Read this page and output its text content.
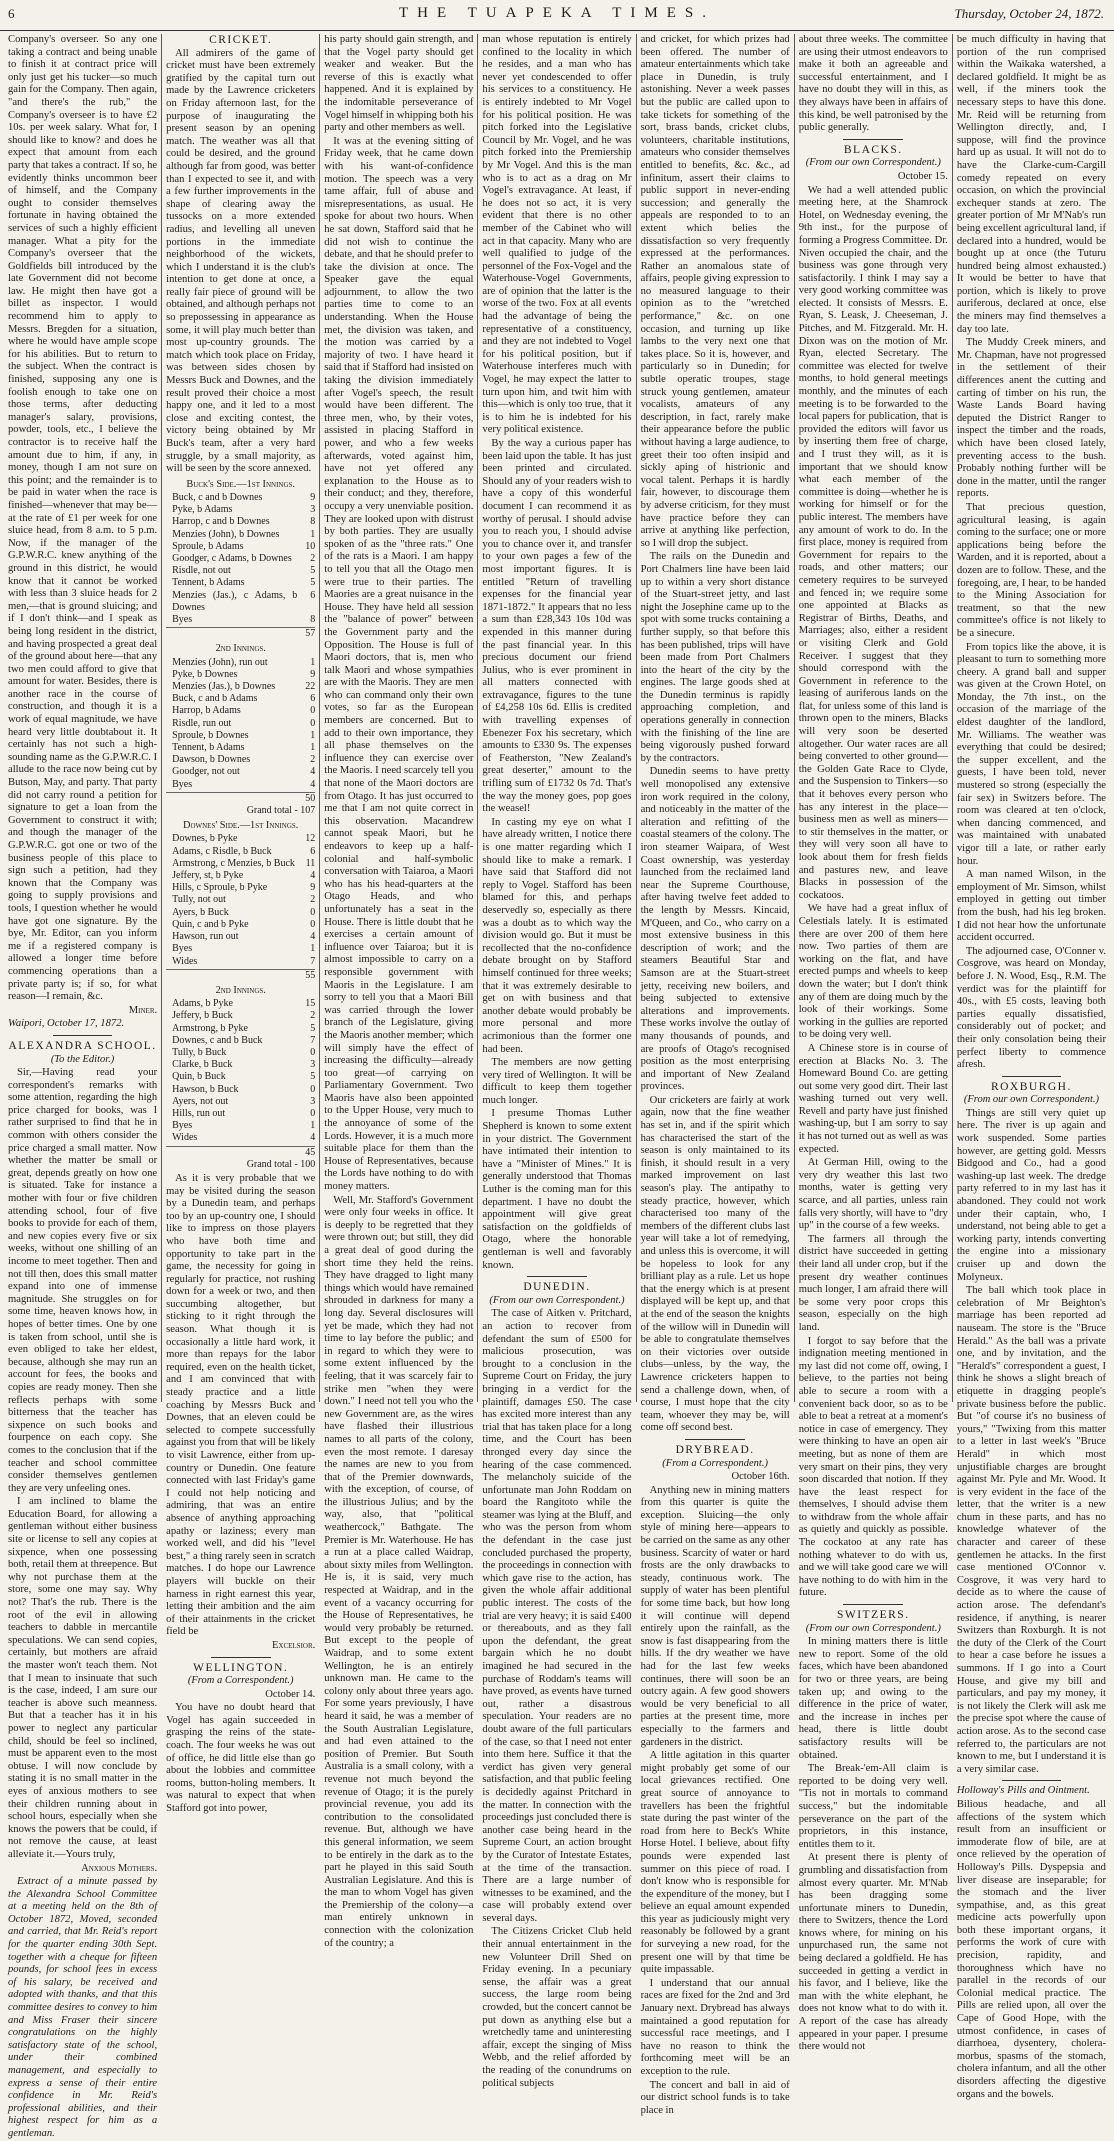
6	THE TUAPEKA TIMES.	Thursday, October 24, 1872.

Company's overseer. So any one taking a contract and being unable to finish it at contract price will only just get his tucker—so much gain for the Company. Then again, "and there's the rub," the Company's overseer is to have £2 10s. per week salary. What for, I should like to know? and does he expect that amount from each party that takes a contract. If so, he evidently thinks uncommon beer of himself, and the Company ought to consider themselves fortunate in having obtained the services of such a highly efficient manager. What a pity for the Company's overseer that the Goldfields bill introduced by the late Government did not become law. He might then have got a billet as inspector. I would recommend him to apply to Messrs. Bregden for a situation, where he would have ample scope for his abilities. But to return to the subject. When the contract is finished, supposing any one is foolish enough to take one on those terms, after deducting manager's salary, provisions, powder, tools, etc., I believe the contractor is to receive half the amount due to him, if any, in money, though I am not sure on this point; and the remainder is to be paid in water when the race is finished—whenever that may be—at the rate of £1 per week for one sluice head, from 8 a.m. to 5 p.m. Now, if the manager of the G.P.W.R.C. knew anything of the ground in this district, he would know that it cannot be worked with less than 3 sluice heads for 2 men,—that is ground sluicing; and if I don't think—and I speak as being long resident in the district, and having prospected a great deal of the ground about here—that any two men could afford to give that amount for water. Besides, there is another race in the course of construction, and though it is a work of equal magnitude, we have heard very little doubtabout it. It certainly has not such a high-sounding name as the G.P.W.R.C. I allude to the race now being cut by Butson, May, and party. That party did not carry round a petition for signature to get a loan from the Government to construct it with; and though the manager of the G.P.W.R.C. got one or two of the business people of this place to sign such a petition, had they known that the Company was going to supply provisions and tools, I question whether he would have got one signature. By the bye, Mr. Editor, can you inform me if a registered company is allowed a longer time before commencing operations than a private party is; if so, for what reason—I remain, &c.

Miner.

Waipori, October 17, 1872.

ALEXANDRA SCHOOL.

(To the Editor.)

Sir,—Having read your correspondent's remarks with some attention, regarding the high price charged for books, was I rather surprised to find that he in common with others consider the price charged a small matter. Now whether the matter be small or great, depends greatly on how one is situated. Take for instance a mother with four or five children attending school, four of five books to provide for each of them, and new copies every five or six weeks, without one shilling of an income to meet together. Then and not till then, does this small matter expand into one of immense magnitude. She struggles on for some time, heaven knows how, in hopes of better times. One by one is taken from school, until she is even obliged to take her eldest, because, although she may run an account for fees, the books and copies are ready money. Then she reflects perhaps with some bitterness that the teacher has sixpence on such books and fourpence on each copy. She comes to the conclusion that if the teacher and school committee consider themselves gentlemen they are very unfeeling ones.

I am inclined to blame the Education Board, for allowing a gentleman without either business site or license to sell any copies at sixpence, when one possessing both, retail them at threepence. But why not purchase them at the store, some one may say. Why not? That's the rub. There is the root of the evil in allowing teachers to dabble in mercantile speculations. We can send copies, certainly, but mothers are afraid the master won't teach them. Not that I mean to insinuate that such is the case, indeed, I am sure our teacher is above such meanness. But that a teacher has it in his power to neglect any particular child, should be feel so inclined, must be apparent even to the most obtuse. I will now conclude by stating it is no small matter in the eyes of anxious mothers to see their children running about in school hours, especially when she knows the powers that be could, if not remove the cause, at least alleviate it.—Yours truly,

Anxious Mothers.

Extract of a minute passed by the Alexandra School Committee at a meeting held on the 8th of October 1872, Moved, seconded and carried, that Mr. Reid's report for the quarter ending 30th Sept. together with a cheque for fifteen pounds, for school fees in excess of his salary, be received and adopted with thanks, and that this committee desires to convey to him and Miss Fraser their sincere congratulations on the highly satisfactory state of the school, under their combined management, and especially to express a sense of their entire confidence in Mr. Reid's professional abilities, and their highest respect for him as a gentleman.

CRICKET.

All admirers of the game of cricket must have been extremely gratified by the capital turn out made by the Lawrence cricketers on Friday afternoon last, for the purpose of inaugurating the present season by an opening match. The weather was all that could be desired, and the ground although far from good, was better than I expected to see it, and with a few further improvements in the shape of clearing away the tussocks on a more extended radius, and levelling all uneven portions in the immediate neighborhood of the wickets, which I understand it is the club's intention to get done at once, a really fair piece of ground will be obtained, and although perhaps not so prepossessing in appearance as some, it will play much better than most up-country grounds. The match which took place on Friday, was between sides chosen by Messrs Buck and Downes, and the result proved their choice a most happy one, and it led to a most close and exciting contest, the victory being obtained by Mr Buck's team, after a very hard struggle, by a small majority, as will be seen by the score annexed.

Buck's Side.—1st Innings.
Buck, c and b Downes	9
Pyke, b Adams	3
Harrop, c and b Downes	8
Menzies (John), b Downes	1
Sproule, b Adams	10
Goodger, c Adams, b Downes	2
Risdle, not out	5
Tennent, b Adams	5
Menzies (Jas.), c Adams, b Downes
6
Byes	8
57
2nd Innings.
Menzies (John), run out	1
Pyke, b Downes	9
Menzies (Jas.), b Downes	22
Buck, c and b Adams	6
Harrop, b Adams	0
Risdle, run out	0
Sproule, b Downes	1
Tennent, b Adams	1
Dawson, b Downes	2
Goodger, not out	4
Byes	4
50
Grand total - 107
Downes' Side.—1st Innings.
Downes, b Pyke	12
Adams, c Risdle, b Buck	6
Armstrong, c Menzies, b Buck	11
Jeffery, st, b Pyke	4
Hills, c Sproule, b Pyke	9
Tully, not out	2
Ayers, b Buck	0
Quin, c and b Pyke	0
Hawson, run out	4
Byes	1
Wides	7
55
2nd Innings.
Adams, b Pyke	15
Jeffery, b Buck	2
Armstrong, b Pyke	5
Downes, c and b Buck	7
Tully, b Buck	0
Clarke, b Buck	3
Quin, b Buck	5
Hawson, b Buck	0
Ayers, not out	3
Hills, run out	0
Byes	1
Wides	4
45
Grand total - 100

As it is very probable that we may be visited during the season by a Dunedin team, and perhaps too by an up-country one, I should like to impress on those players who have both time and opportunity to take part in the game, the necessity for going in regularly for practice, not rushing down for a week or two, and then succumbing altogether, but sticking to it right through the season. What though it is occasionally a little hard work, it more than repays for the labor required, even on the health ticket, and I am convinced that with steady practice and a little coaching by Messrs Buck and Downes, that an eleven could be selected to compete successfully against you from that will be likely to visit Lawrence, either from up-country or Dunedin. One feature connected with last Friday's game I could not help noticing and admiring, that was an entire absence of anything approaching apathy or laziness; every man worked well, and did his "level best," a thing rarely seen in scratch matches. I do hope our Lawrence players will buckle on their harness in right earnest this year, letting their ambition and the aim of their attainments in the cricket field be

Excelsior.

WELLINGTON.

(From a Correspondent.)

October 14.

You have no doubt heard that Vogel has again succeeded in grasping the reins of the state-coach. The four weeks he was out of office, he did little else than go about the lobbies and committee rooms, button-holing members. It was natural to expect that when Stafford got into power,

his party should gain strength, and that the Vogel party should get weaker and weaker. But the reverse of this is exactly what happened. And it is explained by the indomitable perseverance of Vogel himself in whipping both his party and other members as well.

It was at the evening sitting of Friday week, that he came down with his want-of-confidence motion. The speech was a very tame affair, full of abuse and misrepresentations, as usual. He spoke for about two hours. When he sat down, Stafford said that he did not wish to continue the debate, and that he should prefer to take the division at once. The Speaker gave the equal adjournment, to allow the two parties time to come to an understanding. When the House met, the division was taken, and the motion was carried by a majority of two. I have heard it said that if Stafford had insisted on taking the division immediately after Vogel's speech, the result would have been different. The three men, who, by their votes, assisted in placing Stafford in power, and who a few weeks afterwards, voted against him, have not yet offered any explanation to the House as to their conduct; and they, therefore, occupy a very unenviable position. They are looked upon with distrust by both parties. They are usually spoken of as the "three rats." One of the rats is a Maori. I am happy to tell you that all the Otago men were true to their parties. The Maories are a great nuisance in the House. They have held all session the "balance of power" between the Government party and the Opposition. The House is full of Maori doctors, that is, men who talk Maori and whose sympathies are with the Maoris. They are men who can command only their own votes, so far as the European members are concerned. But to add to their own importance, they all phase themselves on the influence they can exercise over the Maoris. I need scarcely tell you that none of the Maori doctors are from Otago. It has just occurred to me that I am not quite correct in this observation. Macandrew cannot speak Maori, but he endeavors to keep up a half-colonial and half-symbolic conversation with Taiaroa, a Maori who has his head-quarters at the Otago Heads, and who unfortunately has a seat in the House. There is little doubt that he exercises a certain amount of influence over Taiaroa; but it is almost impossible to carry on a responsible government with Maoris in the Legislature. I am sorry to tell you that a Maori Bill was carried through the lower branch of the Legislature, giving the Maoris another member; which will simply have the effect of increasing the difficulty—already too great—of carrying on Parliamentary Government. Two Maoris have also been appointed to the Upper House, very much to the annoyance of some of the Lords. However, it is a much more suitable place for them than the House of Representatives, because the Lords have nothing to do with money matters.

Well, Mr. Stafford's Government were only four weeks in office. It is deeply to be regretted that they were thrown out; but still, they did a great deal of good during the short time they held the reins. They have dragged to light many things which would have remained shrouded in darkness for many a long day. Several disclosures will yet be made, which they had not time to lay before the public; and in regard to which they were to some extent influenced by the feeling, that it was scarcely fair to strike men "when they were down." I need not tell you who the new Government are, as the wires have flashed their illustrious names to all parts of the colony, even the most remote. I daresay the names are new to you from that of the Premier downwards, with the exception, of course, of the illustrious Julius; and by the way, also, that "political weathercock," Bathgate. The Premier is Mr. Waterhouse. He has a run at a place called Waidrap, about sixty miles from Wellington. He is, it is said, very much respected at Waidrap, and in the event of a vacancy occurring for the House of Representatives, he would very probably be returned. But except to the people of Waidrap, and to some extent Wellington, he is an entirely unknown man. He came to the colony only about three years ago. For some years previously, I have heard it said, he was a member of the South Australian Legislature, and had even attained to the position of Premier. But South Australia is a small colony, with a revenue not much beyond the revenue of Otago; it is the purely provincial revenue, you add its contribution to the consolidated revenue. But, although we have this general information, we seem to be entirely in the dark as to the part he played in this said South Australian Legislature. And this is the man to whom Vogel has given the Premiership of the colony—a man entirely unknown in connection with the colonization of the country; a

man whose reputation is entirely confined to the locality in which he resides, and a man who has never yet condescended to offer his services to a constituency. He is entirely indebted to Mr Vogel for his political position. He was pitch forked into the Legislative Council by Mr. Vogel, and he was pitch forked into the Premiership by Mr Vogel. And this is the man who is to act as a drag on Mr Vogel's extravagance. At least, if he does not so act, it is very evident that there is no other member of the Cabinet who will act in that capacity. Many who are well qualified to judge of the personnel of the Fox-Vogel and the Waterhouse-Vogel Governments, are of opinion that the latter is the worse of the two. Fox at all events had the advantage of being the representative of a constituency, and they are not indebted to Vogel for his political position, but if Waterhouse interferes much with Vogel, he may expect the latter to turn upon him, and twit him with this—which is only too true, that it is to him he is indebted for his very political existence.

By the way a curious paper has been laid upon the table. It has just been printed and circulated. Should any of your readers wish to have a copy of this wonderful document I can recommend it as worthy of perusal. I should advise you to reach you, I should advise you to chance over it, and transfer to your own pages a few of the most important figures. It is entitled "Return of travelling expenses for the financial year 1871-1872." It appears that no less a sum than £28,343 10s 10d was expended in this manner during the past financial year. In this precious document our friend Julius, who is ever prominent in all matters connected with extravagance, figures to the tune of £4,258 10s 6d. Ellis is credited with travelling expenses of Ebenezer Fox his secretary, which amounts to £330 9s. The expenses of Featherston, "New Zealand's great deserter," amount to the trifling sum of £1732 0s 7d. That's the way the money goes, pop goes the weasel!

In casting my eye on what I have already written, I notice there is one matter regarding which I should like to make a remark. I have said that Stafford did not reply to Vogel. Stafford has been blamed for this, and perhaps deservedly so, especially as there was a doubt as to which way the division would go. But it must be recollected that the no-confidence debate brought on by Stafford himself continued for three weeks; that it was extremely desirable to get on with business and that another debate would probably be more personal and more acrimonious than the former one had been.

The members are now getting very tired of Wellington. It will be difficult to keep them together much longer.

I presume Thomas Luther Shepherd is known to some extent in your district. The Government have intimated their intention to have a "Minister of Mines." It is generally understood that Thomas Luther is the coming man for this department. I have no doubt the appointment will give great satisfaction on the goldfields of Otago, where the honorable gentleman is well and favorably known.

DUNEDIN.

(From our own Correspondent.)

The case of Aitken v. Pritchard, an action to recover from defendant the sum of £500 for malicious prosecution, was brought to a conclusion in the Supreme Court on Friday, the jury bringing in a verdict for the plaintiff, damages £50. The case has excited more interest than any trial that has taken place for a long time, and the Court has been thronged every day since the hearing of the case commenced. The melancholy suicide of the unfortunate man John Roddam on board the Rangitoto while the steamer was lying at the Bluff, and who was the person from whom the defendant in the case just concluded purchased the property, the proceedings in connection with which gave rise to the action, has given the whole affair additional public interest. The costs of the trial are very heavy; it is said £400 or thereabouts, and as they fall upon the defendant, the great bargain which he no doubt imagined he had secured in the purchase of Roddam's teams will have proved, as events have turned out, rather a disastrous speculation. Your readers are no doubt aware of the full particulars of the case, so that I need not enter into them here. Suffice it that the verdict has given very general satisfaction, and that public feeling is decidedly against Pritchard in the matter. In connection with the proceedings just concluded there is another case being heard in the Supreme Court, an action brought by the Curator of Intestate Estates, at the time of the transaction. There are a large number of witnesses to be examined, and the case will probably extend over several days.

The Citizens Cricket Club held their annual entertainment in the new Volunteer Drill Shed on Friday evening. In a pecuniary sense, the affair was a great success, the large room being crowded, but the concert cannot be put down as anything else but a wretchedly tame and uninteresting affair, except the singing of Miss Webb, and the relief afforded by the reading of the conundrums on political subjects

and cricket, for which prizes had been offered. The number of amateur entertainments which take place in Dunedin, is truly astonishing. Never a week passes but the public are called upon to take tickets for something of the sort, brass bands, cricket clubs, volunteers, charitable institutions, amateurs who consider themselves entitled to benefits, &c. &c., ad infinitum, assert their claims to public support in never-ending succession; and generally the appeals are responded to to an extent which belies the dissatisfaction so very frequently expressed at the performances. Rather an anomalous state of affairs, people giving expression to no measured language to their opinion as to the "wretched performance," &c. on one occasion, and turning up like lambs to the very next one that takes place. So it is, however, and particularly so in Dunedin; for subtle operatic troupes, stage struck young gentlemen, amateur vocalists, amateurs of any description, in fact, rarely make their appearance before the public without having a large audience, to greet their too often insipid and sickly aping of histrionic and vocal talent. Perhaps it is hardly fair, however, to discourage them by adverse criticism, for they must have practice before they can arrive at anything like perfection, so I will drop the subject.

The rails on the Dunedin and Port Chalmers line have been laid up to within a very short distance of the Stuart-street jetty, and last night the Josephine came up to the spot with some trucks containing a further supply, so that before this has been published, trips will have been made from Port Chalmers into the heart of the city by the engines. The large goods shed at the Dunedin terminus is rapidly approaching completion, and operations generally in connection with the finishing of the line are being vigorously pushed forward by the contractors.

Dunedin seems to have pretty well monopolised any extensive iron work required in the colony, and noticeably in the matter of the alteration and refitting of the coastal steamers of the colony. The iron steamer Waipara, of West Coast ownership, was yesterday launched from the reclaimed land near the Supreme Courthouse, after having twelve feet added to the length by Messrs. Kincaid, M'Queen, and Co., who carry on a most extensive business in this description of work; and the steamers Beautiful Star and Samson are at the Stuart-street jetty, receiving new boilers, and being subjected to extensive alterations and improvements. These works involve the outlay of many thousands of pounds, and are proofs of Otago's recognised position as the most enterprising and important of New Zealand provinces.

Our cricketers are fairly at work again, now that the fine weather has set in, and if the spirit which has characterised the start of the season is only maintained to its finish, it should result in a very marked improvement on last season's play. The antipathy to steady practice, however, which characterised too many of the members of the different clubs last year will take a lot of remedying, and unless this is overcome, it will be hopeless to look for any brilliant play as a rule. Let us hope that the energy which is at present displayed will be kept up, and that at the end of the season the knights of the willow will in Dunedin will be able to congratulate themselves on their victories over outside clubs—unless, by the way, the Lawrence cricketers happen to send a challenge down, when, of course, I must hope that the city team, whoever they may be, will come off second best.

DRYBREAD.

(From a Correspondent.)

October 16th.

Anything new in mining matters from this quarter is quite the exception. Sluicing—the only style of mining here—appears to be carried on the same as any other business. Scarcity of water or hard frosts are the only drawbacks to steady, continuous work. The supply of water has been plentiful for some time back, but how long it will continue will depend entirely upon the rainfall, as the snow is fast disappearing from the hills. If the dry weather we have had for the last few weeks continues, there will soon be an outcry again. A few good showers would be very beneficial to all parties at the present time, more especially to the farmers and gardeners in the district.

A little agitation in this quarter might probably get some of our local grievances rectified. One great source of annoyance to travellers has been the frightful state during the past winter of the road from here to Beck's White Horse Hotel. I believe, about fifty pounds were expended last summer on this piece of road. I don't know who is responsible for the expenditure of the money, but I believe an equal amount expended this year as judiciously might very reasonably be followed by a grant for surveying a new road, for the present one will by that time be quite impassable.

I understand that our annual races are fixed for the 2nd and 3rd January next. Drybread has always maintained a good reputation for successful race meetings, and I have no reason to think the forthcoming meet will be an exception to the rule.

The concert and ball in aid of our district school funds is to take place in

about three weeks. The committee are using their utmost endeavors to make it both an agreeable and successful entertainment, and I have no doubt they will in this, as they always have been in affairs of this kind, be well patronised by the public generally.

BLACKS.

(From our own Correspondent.)

October 15.

We had a well attended public meeting here, at the Shamrock Hotel, on Wednesday evening, the 9th inst., for the purpose of forming a Progress Committee. Dr. Niven occupied the chair, and the business was gone through very satisfactorily. I think I may say a very good working committee was elected. It consists of Messrs. E. Ryan, S. Leask, J. Cheeseman, J. Pitches, and M. Fitzgerald. Mr. H. Dixon was on the motion of Mr. Ryan, elected Secretary. The committee was elected for twelve months, to hold general meetings monthly, and the minutes of each meeting is to be forwarded to the local papers for publication, that is provided the editors will favor us by inserting them free of charge, and I trust they will, as it is important that we should know what each member of the committee is doing—whether he is working for himself or for the public interest. The members have any amount of work to do. In the first place, money is required from Government for repairs to the roads, and other matters; our cemetery requires to be surveyed and fenced in; we require some one appointed at Blacks as Registrar of Births, Deaths, and Marriages; also, either a resident or visiting Clerk and Gold Receiver. I suggest that they should correspond with the Government in reference to the leasing of auriferous lands on the flat, for unless some of this land is thrown open to the miners, Blacks will very soon be deserted altogether. Our water races are all being converted to other ground—the Golden Gate Race to Clyde, and the Suspension to Tinkers—so that it behoves every person who has any interest in the place—business men as well as miners—to stir themselves in the matter, or they will very soon all have to look about them for fresh fields and pastures new, and leave Blacks in possession of the cockatoos.

We have had a great influx of Celestials lately. It is estimated there are over 200 of them here now. Two parties of them are working on the flat, and have erected pumps and wheels to keep down the water; but I don't think any of them are doing much by the look of their workings. Some working in the gullies are reported to be doing very well.

A Chinese store is in course of erection at Blacks No. 3. The Homeward Bound Co. are getting out some very good dirt. Their last washing turned out very well. Revell and party have just finished washing-up, but I am sorry to say it has not turned out as well as was expected.

At German Hill, owing to the very dry weather this last two months, water is getting very scarce, and all parties, unless rain falls very shortly, will have to "dry up" in the course of a few weeks.

The farmers all through the district have succeeded in getting their land all under crop, but if the present dry weather continues much longer, I am afraid there will be some very poor crops this season, especially on the high land.

I forgot to say before that the indignation meeting mentioned in my last did not come off, owing, I believe, to the parties not being able to secure a room with a convenient back door, so as to be able to beat a retreat at a moment's notice in case of emergency. They were thinking to have an open air meeting, but as none of them are very smart on their pins, they very soon discarded that notion. If they have the least respect for themselves, I should advise them to withdraw from the whole affair as quietly and quickly as possible. The cockatoo at any rate has nothing whatever to do with us, and we will take good care we will have nothing to do with him in the future.

SWITZERS.

(From our own Correspondent.)

In mining matters there is little new to report. Some of the old faces, which have been abandoned for two or three years, are being taken up; and owing to the difference in the price of water, and the increase in inches per head, there is little doubt satisfactory results will be obtained.

The Break-'em-All claim is reported to be doing very well. "Tis not in mortals to command success," but the indomitable perseverance on the part of the proprietors, in this instance, entitles them to it.

At present there is plenty of grumbling and dissatisfaction from almost every quarter. Mr. M'Nab has been dragging some unfortunate miners to Dunedin, there to Switzers, thence the Lord knows where, for mining on his unpurchased run, the same not being declared a goldfield. He has succeeded in getting a verdict in his favor, and I believe, like the man with the white elephant, he does not know what to do with it. A report of the case has already appeared in your paper. I presume there would not

be much difficulty in having that portion of the run comprised within the Waikaka watershed, a declared goldfield. It might be as well, if the miners took the necessary steps to have this done. Mr. Reid will be returning from Wellington directly, and, I suppose, will find the province hard up as usual. It will not do to have the Clarke-cum-Cargill comedy repeated on every occasion, on which the provincial exchequer stands at zero. The greater portion of Mr M'Nab's run being excellent agricultural land, if declared into a hundred, would be bought up at once (the Tuturu hundred being almost exhausted.) It would be better to have that portion, which is likely to prove auriferous, declared at once, else the miners may find themselves a day too late.

The Muddy Creek miners, and Mr. Chapman, have not progressed in the settlement of their differences anent the cutting and carting of timber on his run, the Waste Lands Board having deputed the District Ranger to inspect the timber and the roads, which have been closed lately, preventing access to the bush. Probably nothing further will be done in the matter, until the ranger reports.

That precious question, agricultural leasing, is again coming to the surface; one or more applications being before the Warden, and it is reported, about a dozen are to follow. These, and the foregoing, are, I hear, to be handed to the Mining Association for treatment, so that the new committee's office is not likely to be a sinecure.

From topics like the above, it is pleasant to turn to something more cheery. A grand ball and supper was given at the Crown Hotel, on Monday, the 7th inst., on the occasion of the marriage of the eldest daughter of the landlord, Mr. Williams. The weather was everything that could be desired; the supper excellent, and the guests, I have been told, never mustered so strong (especially the fair sex) in Switzers before. The room was cleared at ten o'clock, when dancing commenced, and was maintained with unabated vigor till a late, or rather early hour.

A man named Wilson, in the employment of Mr. Simson, whilst employed in getting out timber from the bush, had his leg broken. I did not hear how the unfortunate accident occurred.

The adjourned case, O'Conner v. Cosgrove, was heard on Monday, before J. N. Wood, Esq., R.M. The verdict was for the plaintiff for 40s., with £5 costs, leaving both parties equally dissatisfied, considerably out of pocket; and their only consolation being their perfect liberty to commence afresh.

ROXBURGH.

(From our own Correspondent.)

Things are still very quiet up here. The river is up again and work suspended. Some parties however, are getting gold. Messrs Bidgood and Co., had a good washing-up last week. The dredge party referred to in my last has it abandoned. They could not work under their captain, who, I understand, not being able to get a working party, intends converting the engine into a missionary cruiser up and down the Molyneux.

The ball which took place in celebration of Mr Beighton's marriage has been reported ad nauseam. The store is the "Bruce Herald." As the ball was a private one, and by invitation, and the "Herald's" correspondent a guest, I think he shows a slight breach of etiquette in dragging people's private business before the public. But "of course it's no business of yours," "Twixing from this matter to a letter in last week's "Bruce Herald" in which most unjustifiable charges are brought against Mr. Pyle and Mr. Wood. It is very evident in the face of the letter, that the writer is a new chum in these parts, and has no knowledge whatever of the character and career of these gentlemen he attacks. In the first case mentioned O'Connor v. Cosgrove, it was very hard to decide as to where the cause of action arose. The defendant's residence, if anything, is nearer Switzers than Roxburgh. It is not the duty of the Clerk of the Court to hear a case before he issues a summons. If I go into a Court House, and give my bill and particulars, and pay my money, it is not likely the Clerk will ask me the precise spot where the cause of action arose. As to the second case referred to, the particulars are not known to me, but I understand it is a very similar case.

Holloway's Pills and Ointment.

Bilious headache, and all affections of the system which result from an insufficient or immoderate flow of bile, are at once relieved by the operation of Holloway's Pills. Dyspepsia and liver disease are inseparable; for the stomach and the liver sympathise, and, as this great medicine acts powerfully upon both these important organs, it performs the work of cure with precision, rapidity, and thoroughness which have no parallel in the records of our Colonial medical practice. The Pills are relied upon, all over the Cape of Good Hope, with the utmost confidence, in cases of diarrhoea, dysentery, cholera-morbus, spasms of the stomach, cholera infantum, and all the other disorders affecting the digestive organs and the bowels.
